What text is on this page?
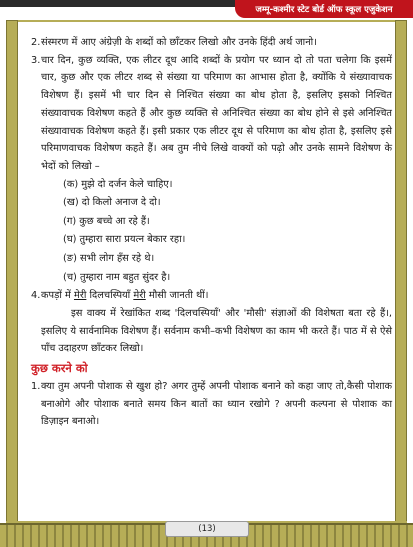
जम्मू-कश्मीर स्टेट बोर्ड ऑफ स्कूल एजुकेशन
(13)
2. संस्मरण में आए अंग्रेज़ी के शब्दों को छाँटकर लिखो और उनके हिंदी अर्थ जानो।
3. चार दिन, कुछ व्यक्ति, एक लीटर दूध आदि शब्दों के प्रयोग पर ध्यान दो तो पता चलेगा कि इसमें चार, कुछ और एक लीटर शब्द से संख्या या परिमाण का आभास होता है, क्योंकि ये संख्यावाचक विशेषण हैं। इसमें भी चार दिन से निश्चित संख्या का बोध होता है, इसलिए इसको निश्चित संख्यावाचक विशेषण कहते हैं और कुछ व्यक्ति से अनिश्चित संख्या का बोध होने से इसे अनिश्चित संख्यावाचक विशेषण कहते हैं। इसी प्रकार एक लीटर दूध से परिमाण का बोध होता है, इसलिए इसे परिमाणवाचक विशेषण कहते हैं। अब तुम नीचे लिखे वाक्यों को पढ़ो और उनके सामने विशेषण के भेदों को लिखो –

(क) मुझे दो दर्जन केले चाहिए।

(ख) दो किलो अनाज दे दो।

(ग) कुछ बच्चे आ रहे हैं।

(घ) तुम्हारा सारा प्रयत्न बेकार रहा।

(ङ) सभी लोग हँस रहे थे।

(च) तुम्हारा नाम बहुत सुंदर है।

4. कपड़ों में मेरी दिलचस्पियाँ मेरी मौसी जानती थीं।
इस वाक्य में रेखांकित शब्द 'दिलचस्पियाँ' और 'मौसी' संज्ञाओं की विशेषता बता रहे हैं।, इसलिए ये सार्वनामिक विशेषण हैं। सर्वनाम कभी–कभी विशेषण का काम भी करते हैं। पाठ में से ऐसे पाँच उदाहरण छाँटकर लिखो।
कुछ करने को
1. क्या तुम अपनी पोशाक से खुश हो? अगर तुम्हें अपनी पोशाक बनाने को कहा जाए तो,कैसी पोशाक बनाओगे और पोशाक बनाते समय किन बातों का ध्यान रखोगे ? अपनी कल्पना से पोशाक का डिज़ाइन बनाओ।
